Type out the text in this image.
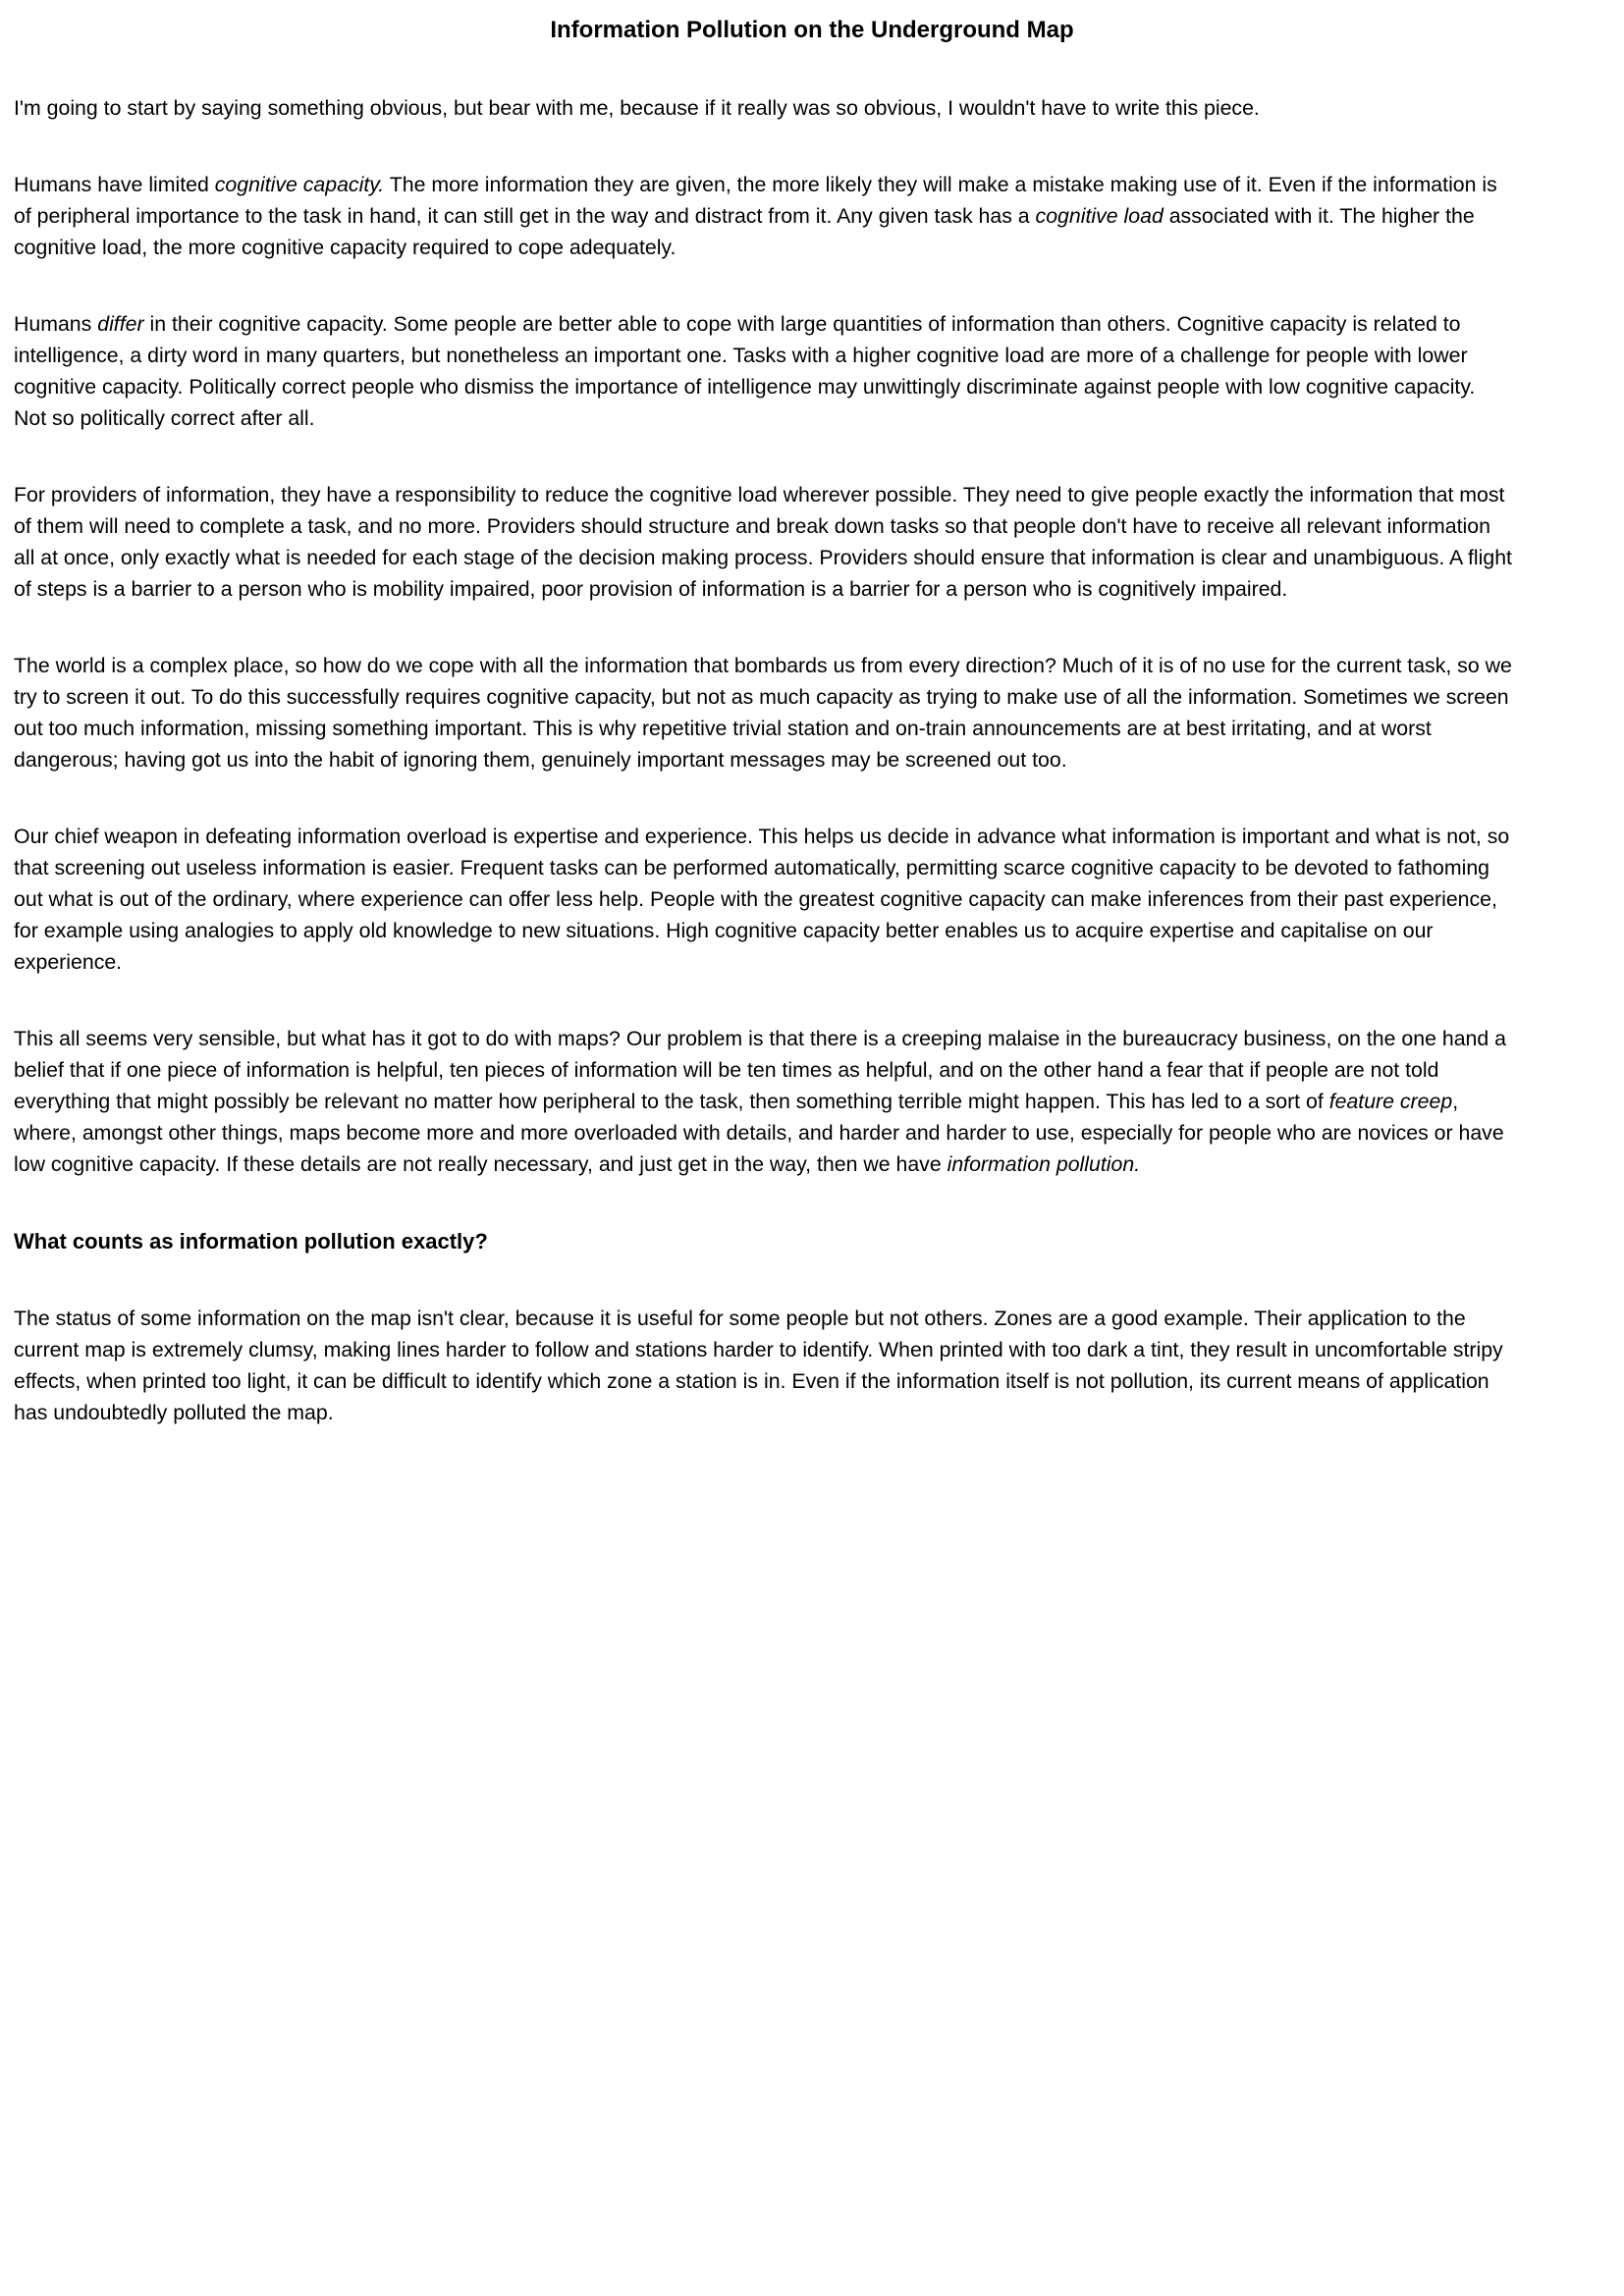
Information Pollution on the Underground Map

I'm going to start by saying something obvious, but bear with me, because if it really was so obvious, I wouldn't have to write this piece.

Humans have limited cognitive capacity. The more information they are given, the more likely they will make a mistake making use of it. Even if the information is of peripheral importance to the task in hand, it can still get in the way and distract from it. Any given task has a cognitive load associated with it. The higher the cognitive load, the more cognitive capacity required to cope adequately.

Humans differ in their cognitive capacity. Some people are better able to cope with large quantities of information than others. Cognitive capacity is related to intelligence, a dirty word in many quarters, but nonetheless an important one. Tasks with a higher cognitive load are more of a challenge for people with lower cognitive capacity. Politically correct people who dismiss the importance of intelligence may unwittingly discriminate against people with low cognitive capacity. Not so politically correct after all.

For providers of information, they have a responsibility to reduce the cognitive load wherever possible. They need to give people exactly the information that most of them will need to complete a task, and no more. Providers should structure and break down tasks so that people don't have to receive all relevant information all at once, only exactly what is needed for each stage of the decision making process. Providers should ensure that information is clear and unambiguous. A flight of steps is a barrier to a person who is mobility impaired, poor provision of information is a barrier for a person who is cognitively impaired.

The world is a complex place, so how do we cope with all the information that bombards us from every direction? Much of it is of no use for the current task, so we try to screen it out. To do this successfully requires cognitive capacity, but not as much capacity as trying to make use of all the information. Sometimes we screen out too much information, missing something important. This is why repetitive trivial station and on-train announcements are at best irritating, and at worst dangerous; having got us into the habit of ignoring them, genuinely important messages may be screened out too.

Our chief weapon in defeating information overload is expertise and experience. This helps us decide in advance what information is important and what is not, so that screening out useless information is easier. Frequent tasks can be performed automatically, permitting scarce cognitive capacity to be devoted to fathoming out what is out of the ordinary, where experience can offer less help. People with the greatest cognitive capacity can make inferences from their past experience, for example using analogies to apply old knowledge to new situations. High cognitive capacity better enables us to acquire expertise and capitalise on our experience.

This all seems very sensible, but what has it got to do with maps? Our problem is that there is a creeping malaise in the bureaucracy business, on the one hand a belief that if one piece of information is helpful, ten pieces of information will be ten times as helpful, and on the other hand a fear that if people are not told everything that might possibly be relevant no matter how peripheral to the task, then something terrible might happen. This has led to a sort of feature creep, where, amongst other things, maps become more and more overloaded with details, and harder and harder to use, especially for people who are novices or have low cognitive capacity. If these details are not really necessary, and just get in the way, then we have information pollution.

What counts as information pollution exactly?

The status of some information on the map isn't clear, because it is useful for some people but not others. Zones are a good example. Their application to the current map is extremely clumsy, making lines harder to follow and stations harder to identify. When printed with too dark a tint, they result in uncomfortable stripy effects, when printed too light, it can be difficult to identify which zone a station is in. Even if the information itself is not pollution, its current means of application has undoubtedly polluted the map.
